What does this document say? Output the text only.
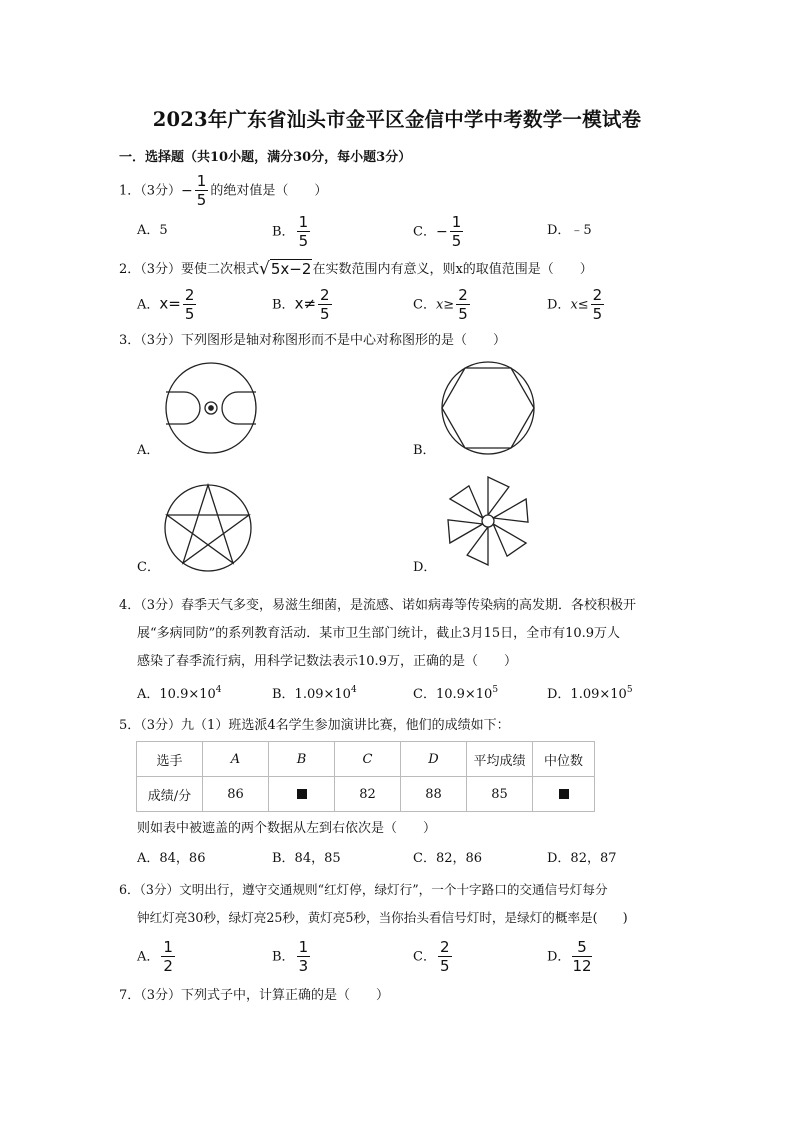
2023年广东省汕头市金平区金信中学中考数学一模试卷
一．选择题（共10小题，满分30分，每小题3分）
1．（3分）− $\frac{1}{5}$ 的绝对值是（　　）
A．5	B． $\frac{1}{5}$	C．− $\frac{1}{5}$	D．﹣5
2．（3分）要使二次根式√5x−2在实数范围内有意义，则x的取值范围是（　　）
A．$x= \frac{2}{5}$	B．$x\ne \frac{2}{5}$	C．$x\ge \frac{2}{5}$	D．$x\le \frac{2}{5}$
3．（3分）下列图形是轴对称图形而不是中心对称图形的是（　　）
A．	B．
C．	D．
4．（3分）春季天气多变，易滋生细菌，是流感、诺如病毒等传染病的高发期．各校积极开
展“多病同防”的系列教育活动．某市卫生部门统计，截止3月15日，全市有10.9万人
感染了春季流行病，用科学记数法表示10.9万，正确的是（　　）
A．$10.9\times 10^4$	B．$1.09\times 10^4$	C．$10.9\times 10^5$	D．$1.09\times 10^5$
5．（3分）九（1）班选派4名学生参加演讲比赛，他们的成绩如下：
选手	A	B	C	D	平均成绩	中位数
成绩/分	86		82	88	85	
则如表中被遮盖的两个数据从左到右依次是（　　）
A．84，86	B．84，85	C．82，86	D．82，87
6．（3分）文明出行，遵守交通规则“红灯停，绿灯行”，一个十字路口的交通信号灯每分
钟红灯亮30秒，绿灯亮25秒，黄灯亮5秒，当你抬头看信号灯时，是绿灯的概率是(　　)
A． $\frac{1}{2}$	B． $\frac{1}{3}$	C． $\frac{2}{5}$	D． $\frac{5}{12}$
7．（3分）下列式子中，计算正确的是（　　）
